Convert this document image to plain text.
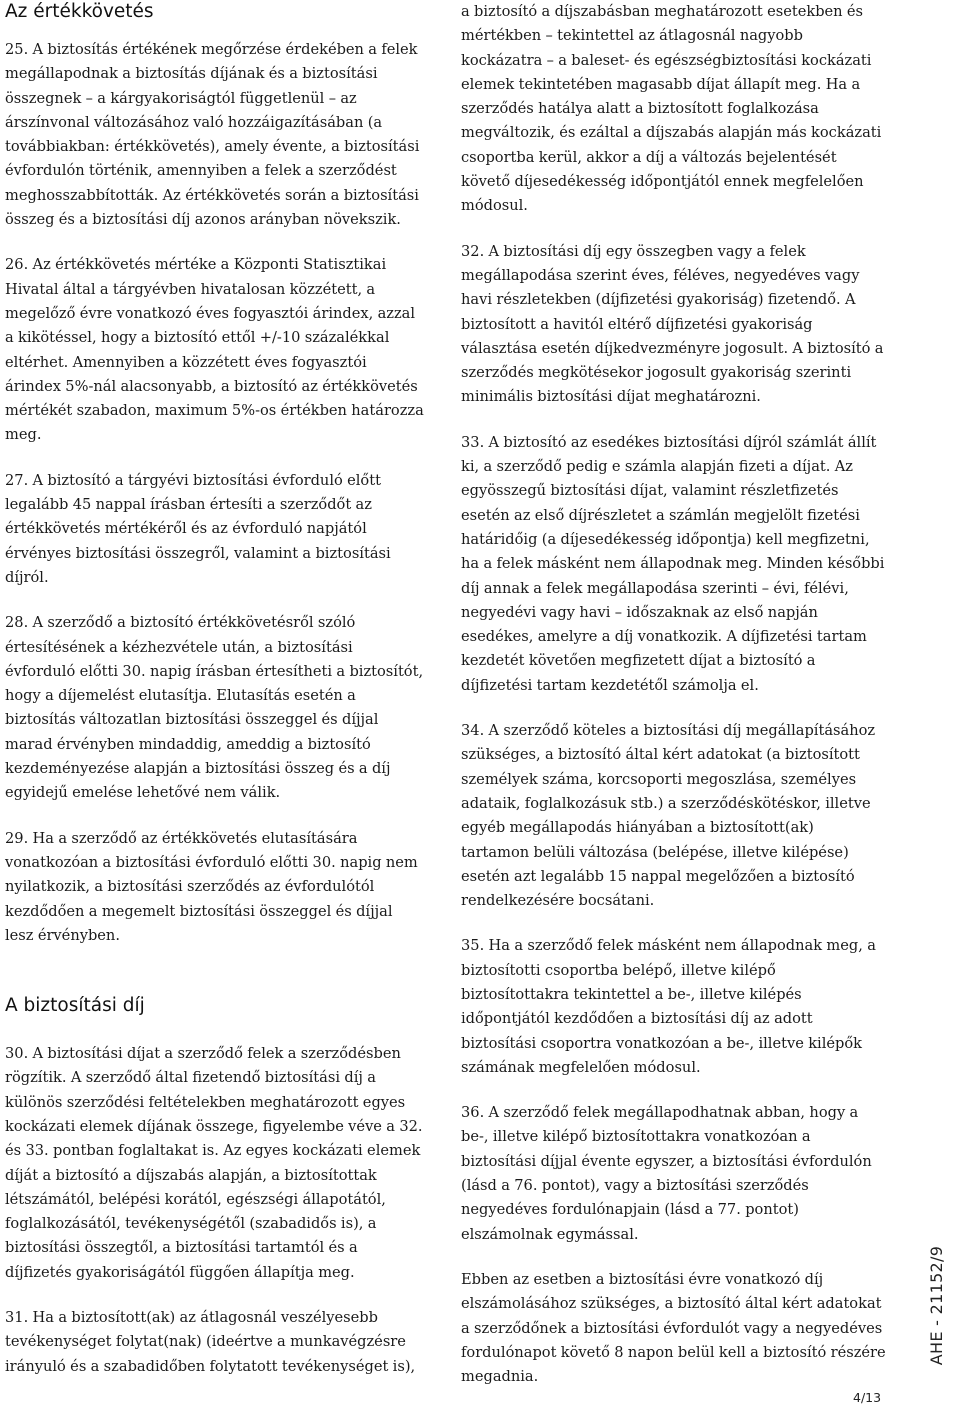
Az értékkövetés

25. A biztosítás értékének megőrzése érdekében a felek megállapodnak a biztosítás díjának és a biztosítási összegnek – a kárgyakoriságtól függetlenül – az árszínvonal változásához való hozzáigazításában (a továbbiakban: értékkövetés), amely évente, a biztosítási évfordulón történik, amennyiben a felek a szerződést meghosszabbították. Az értékkövetés során a biztosítási összeg és a biztosítási díj azonos arányban növekszik.

26. Az értékkövetés mértéke a Központi Statisztikai Hivatal által a tárgyévben hivatalosan közzétett, a megelőző évre vonatkozó éves fogyasztói árindex, azzal a kikötéssel, hogy a biztosító ettől +/-10 százalékkal eltérhet. Amennyiben a közzétett éves fogyasztói árindex 5%-nál alacsonyabb, a biztosító az értékkövetés mértékét szabadon, maximum 5%-os értékben határozza meg.

27. A biztosító a tárgyévi biztosítási évforduló előtt legalább 45 nappal írásban értesíti a szerződőt az értékkövetés mértékéről és az évforduló napjától érvényes biztosítási összegről, valamint a biztosítási díjról.

28. A szerződő a biztosító értékkövetésről szóló értesítésének a kézhezvétele után, a biztosítási évforduló előtti 30. napig írásban értesítheti a biztosítót, hogy a díjemelést elutasítja. Elutasítás esetén a biztosítás változatlan biztosítási összeggel és díjjal marad érvényben mindaddig, ameddig a biztosító kezdeményezése alapján a biztosítási összeg és a díj egyidejű emelése lehetővé nem válik.

29. Ha a szerződő az értékkövetés elutasítására vonatkozóan a biztosítási évforduló előtti 30. napig nem nyilatkozik, a biztosítási szerződés az évfordulótól kezdődően a megemelt biztosítási összeggel és díjjal lesz érvényben.

A biztosítási díj

30. A biztosítási díjat a szerződő felek a szerződésben rögzítik. A szerződő által fizetendő biztosítási díj a különös szerződési feltételekben meghatározott egyes kockázati elemek díjának összege, figyelembe véve a 32. és 33. pontban foglaltakat is. Az egyes kockázati elemek díját a biztosító a díjszabás alapján, a biztosítottak létszámától, belépési korától, egészségi állapotától, foglalkozásától, tevékenységétől (szabadidős is), a biztosítási összegtől, a biztosítási tartamtól és a díjfizetés gyakoriságától függően állapítja meg.

31. Ha a biztosított(ak) az átlagosnál veszélyesebb tevékenységet folytat(nak) (ideértve a munkavégzésre irányuló és a szabadidőben folytatott tevékenységet is),

a biztosító a díjszabásban meghatározott esetekben és mértékben – tekintettel az átlagosnál nagyobb kockázatra – a baleset- és egészségbiztosítási kockázati elemek tekintetében magasabb díjat állapít meg. Ha a szerződés hatálya alatt a biztosított foglalkozása megváltozik, és ezáltal a díjszabás alapján más kockázati csoportba kerül, akkor a díj a változás bejelentését követő díjesedékesség időpontjától ennek megfelelően módosul.

32. A biztosítási díj egy összegben vagy a felek megállapodása szerint éves, féléves, negyedéves vagy havi részletekben (díjfizetési gyakoriság) fizetendő. A biztosított a havitól eltérő díjfizetési gyakoriság választása esetén díjkedvezményre jogosult. A biztosító a szerződés megkötésekor jogosult gyakoriság szerinti minimális biztosítási díjat meghatározni.

33. A biztosító az esedékes biztosítási díjról számlát állít ki, a szerződő pedig e számla alapján fizeti a díjat. Az egyösszegű biztosítási díjat, valamint részletfizetés esetén az első díjrészletet a számlán megjelölt fizetési határidőig (a díjesedékesség időpontja) kell megfizetni, ha a felek másként nem állapodnak meg. Minden későbbi díj annak a felek megállapodása szerinti – évi, félévi, negyedévi vagy havi – időszaknak az első napján esedékes, amelyre a díj vonatkozik. A díjfizetési tartam kezdetét követően megfizetett díjat a biztosító a díjfizetési tartam kezdetétől számolja el.

34. A szerződő köteles a biztosítási díj megállapításához szükséges, a biztosító által kért adatokat (a biztosított személyek száma, korcsoporti megoszlása, személyes adataik, foglalkozásuk stb.) a szerződéskötéskor, illetve egyéb megállapodás hiányában a biztosított(ak) tartamon belüli változása (belépése, illetve kilépése) esetén azt legalább 15 nappal megelőzően a biztosító rendelkezésére bocsátani.

35. Ha a szerződő felek másként nem állapodnak meg, a biztosítotti csoportba belépő, illetve kilépő biztosítottakra tekintettel a be-, illetve kilépés időpontjától kezdődően a biztosítási díj az adott biztosítási csoportra vonatkozóan a be-, illetve kilépők számának megfelelően módosul.

36. A szerződő felek megállapodhatnak abban, hogy a be-, illetve kilépő biztosítottakra vonatkozóan a biztosítási díjjal évente egyszer, a biztosítási évfordulón (lásd a 76. pontot), vagy a biztosítási szerződés negyedéves fordulónapjain (lásd a 77. pontot) elszámolnak egymással.

Ebben az esetben a biztosítási évre vonatkozó díj elszámolásához szükséges, a biztosító által kért adatokat a szerződőnek a biztosítási évfordulót vagy a negyedéves fordulónapot követő 8 napon belül kell a biztosító részére megadnia.

AHE - 21152/9
4/13
